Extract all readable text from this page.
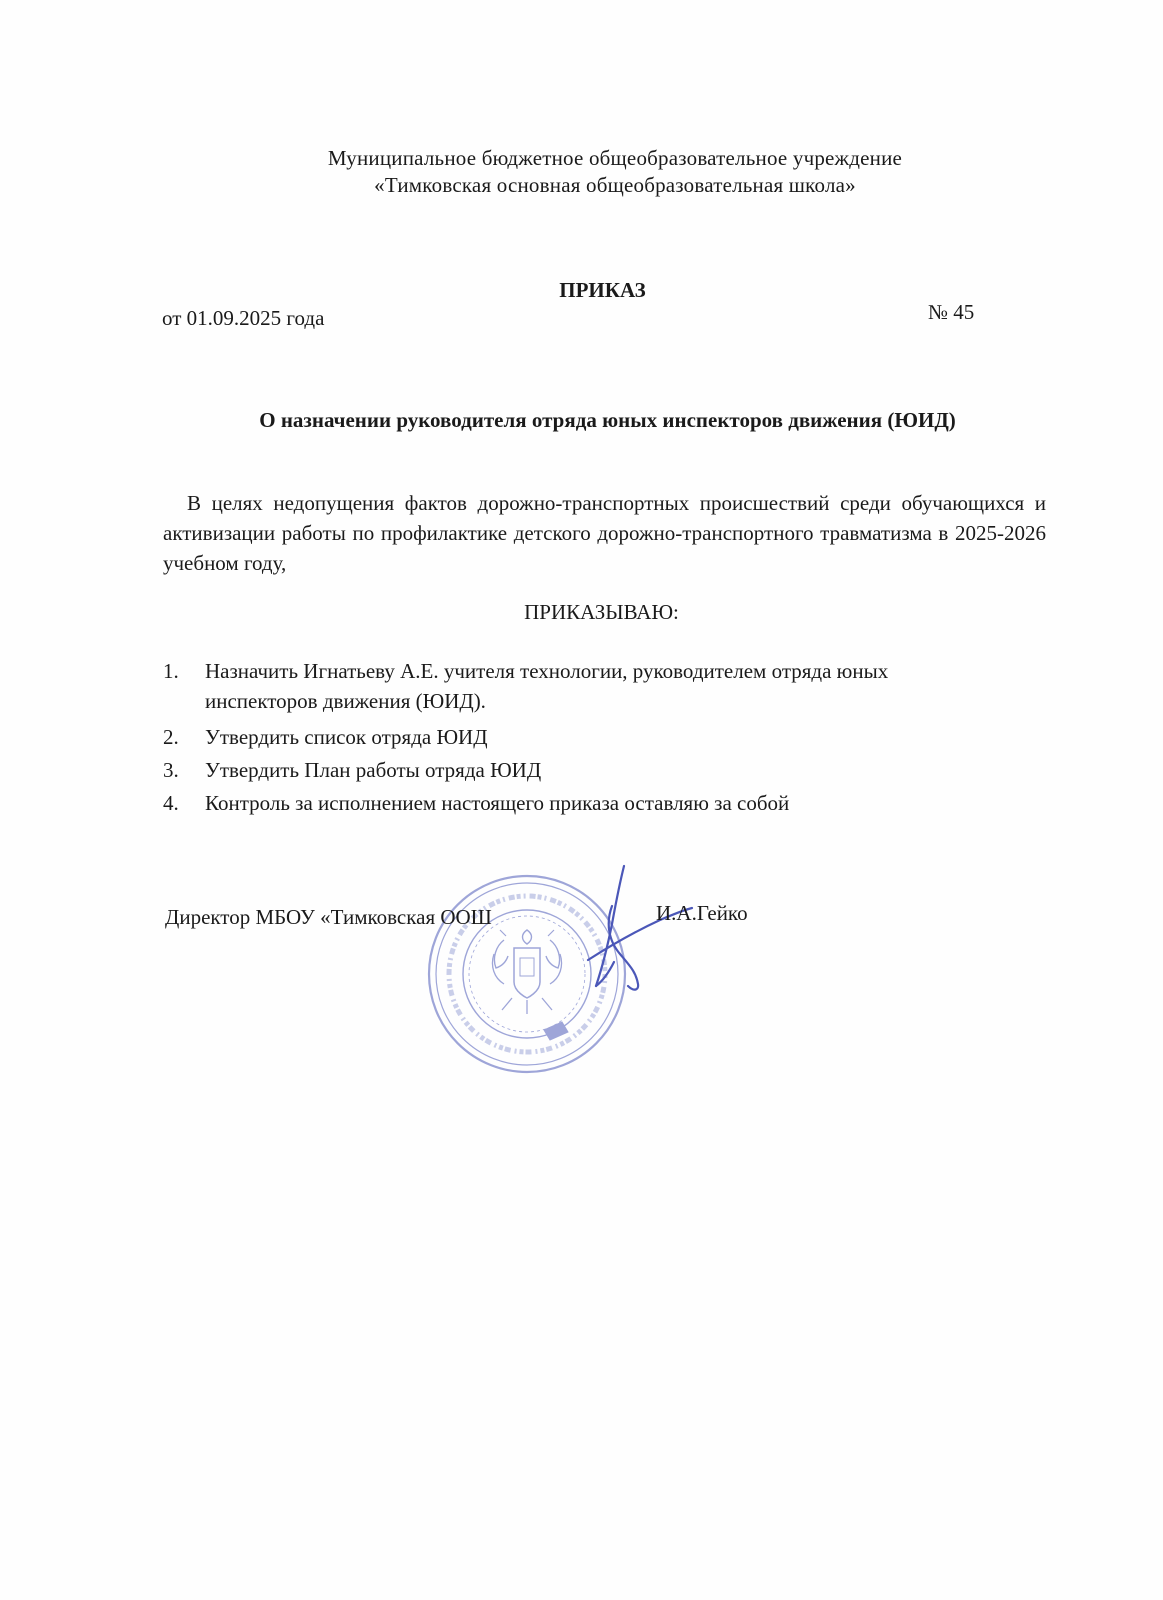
Муниципальное бюджетное общеобразовательное учреждение
«Тимковская основная общеобразовательная школа»
ПРИКАЗ
от 01.09.2025 года	№ 45
О назначении руководителя отряда юных инспекторов движения (ЮИД)
В целях недопущения фактов дорожно-транспортных происшествий среди обучающихся и активизации работы по профилактике детского дорожно-транспортного травматизма в 2025-2026 учебном году,
ПРИКАЗЫВАЮ:
1.	Назначить Игнатьеву А.Е. учителя технологии, руководителем отряда юных инспекторов движения (ЮИД).
2.	Утвердить список отряда ЮИД
3.	Утвердить План работы отряда ЮИД
4.	Контроль за исполнением настоящего приказа оставляю за собой
Директор МБОУ «Тимковская ООШ	И.А.Гейко
